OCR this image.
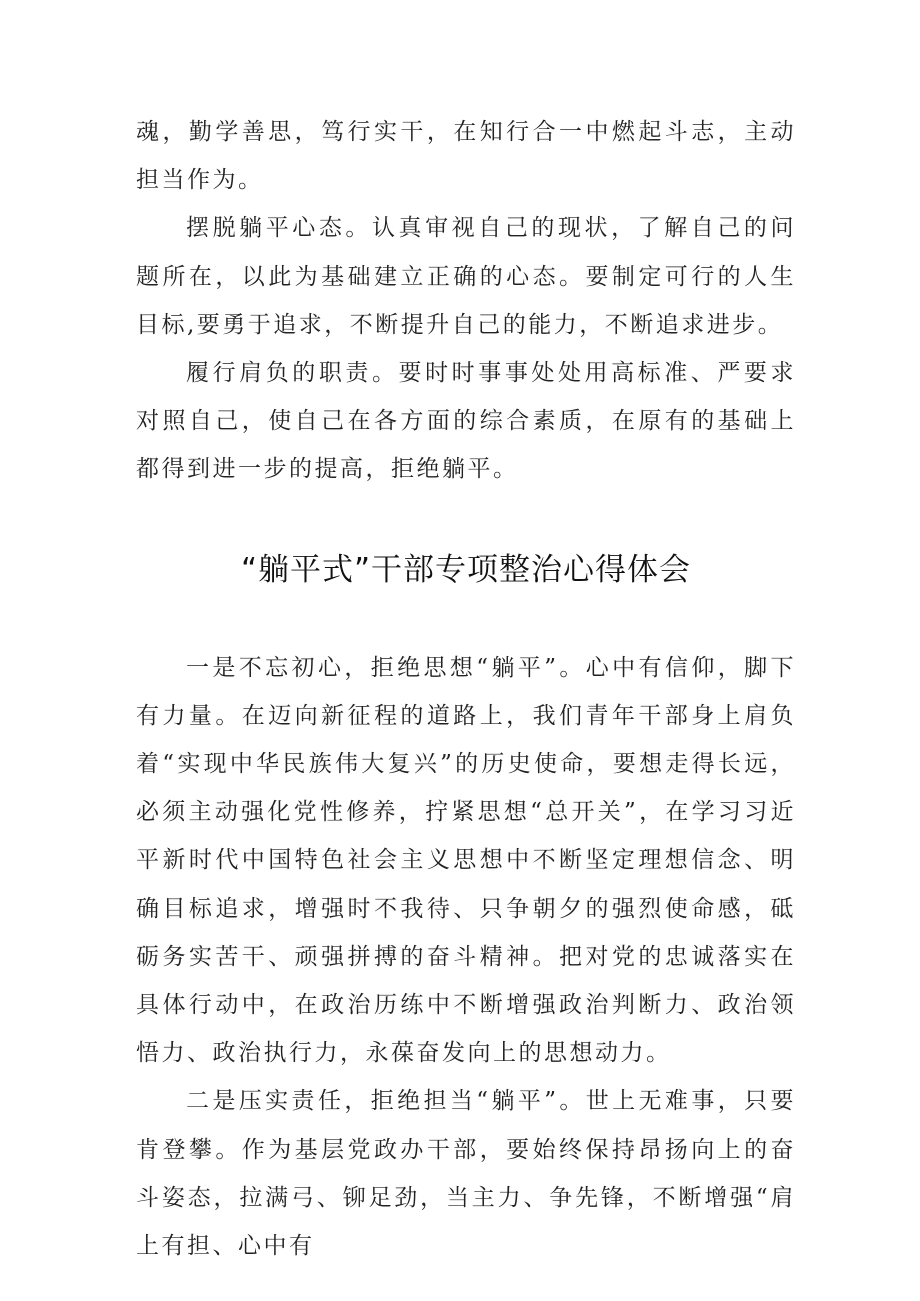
魂，勤学善思，笃行实干，在知行合一中燃起斗志，主动担当作为。

摆脱躺平心态。认真审视自己的现状，了解自己的问题所在，以此为基础建立正确的心态。要制定可行的人生目标,要勇于追求，不断提升自己的能力，不断追求进步。

履行肩负的职责。要时时事事处处用高标准、严要求对照自己，使自己在各方面的综合素质，在原有的基础上都得到进一步的提高，拒绝躺平。

“躺平式”干部专项整治心得体会

一是不忘初心，拒绝思想“躺平”。心中有信仰，脚下有力量。在迈向新征程的道路上，我们青年干部身上肩负着“实现中华民族伟大复兴”的历史使命，要想走得长远，必须主动强化党性修养，拧紧思想“总开关”，在学习习近平新时代中国特色社会主义思想中不断坚定理想信念、明确目标追求，增强时不我待、只争朝夕的强烈使命感，砥砺务实苦干、顽强拼搏的奋斗精神。把对党的忠诚落实在具体行动中，在政治历练中不断增强政治判断力、政治领悟力、政治执行力，永葆奋发向上的思想动力。

二是压实责任，拒绝担当“躺平”。世上无难事，只要肯登攀。作为基层党政办干部，要始终保持昂扬向上的奋斗姿态，拉满弓、铆足劲，当主力、争先锋，不断增强“肩上有担、心中有
